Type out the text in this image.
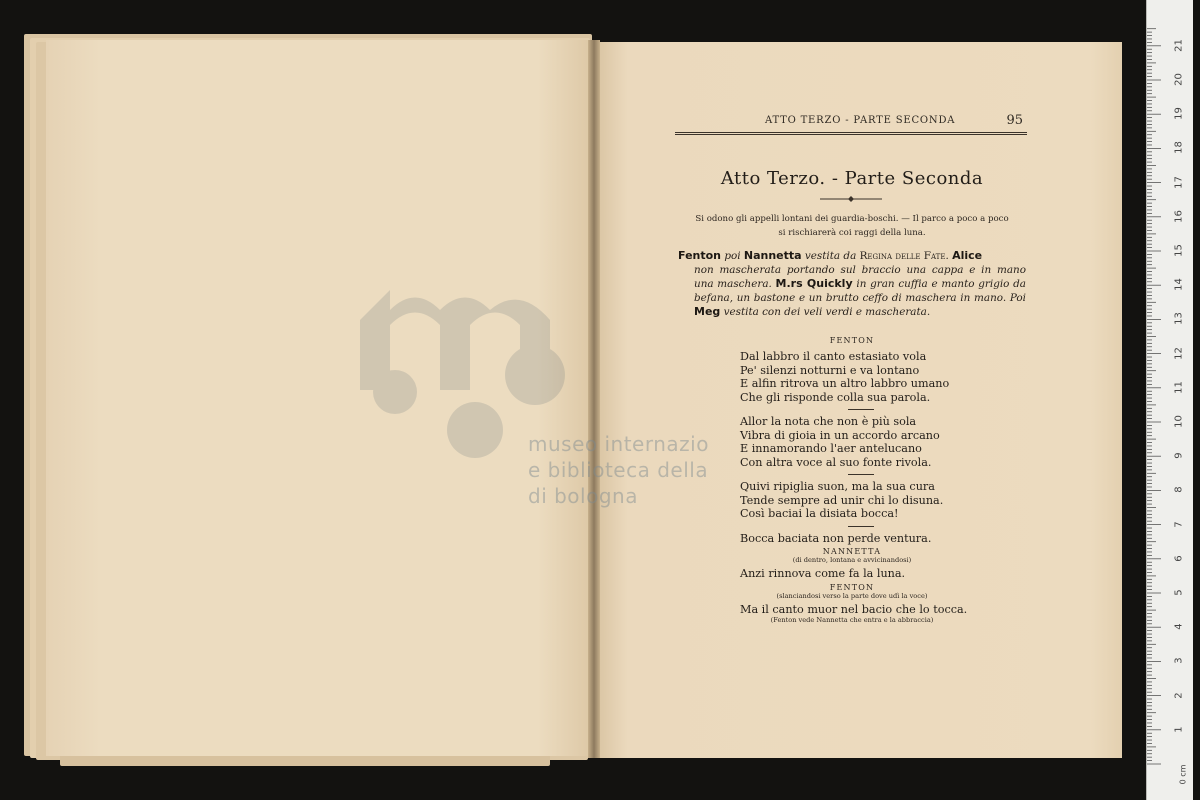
museo internazio
e biblioteca della
di bologna
ATTO TERZO - PARTE SECONDA	95
Atto Terzo. - Parte Seconda
Si odono gli appelli lontani dei guardia-boschi. — Il parco a poco a poco
si rischiarerà coi raggi della luna.
Fenton poi Nannetta vestita da Regina delle Fate. Alice
non mascherata portando sul braccio una cappa e in mano una maschera. M.rs Quickly in gran cuffia e manto grigio da befana, un bastone e un brutto ceffo di maschera in mano. Poi Meg vestita con dei veli verdi e mascherata.
FENTON
Dal labbro il canto estasiato vola
Pe' silenzi notturni e va lontano
E alfin ritrova un altro labbro umano
Che gli risponde colla sua parola.
Allor la nota che non è più sola
Vibra di gioia in un accordo arcano
E innamorando l'aer antelucano
Con altra voce al suo fonte rivola.
Quivi ripiglia suon, ma la sua cura
Tende sempre ad unir chi lo disuna.
Così baciai la disiata bocca!
Bocca baciata non perde ventura.
NANNETTA
(di dentro, lontana e avvicinandosi)
Anzi rinnova come fa la luna.
FENTON
(slanciandosi verso la parte dove udì la voce)
Ma il canto muor nel bacio che lo tocca.
(Fenton vede Nannetta che entra e la abbraccia)
1
2
3
4
5
6
7
8
9
10
11
12
13
14
15
16
17
18
19
20
21
0 cm
